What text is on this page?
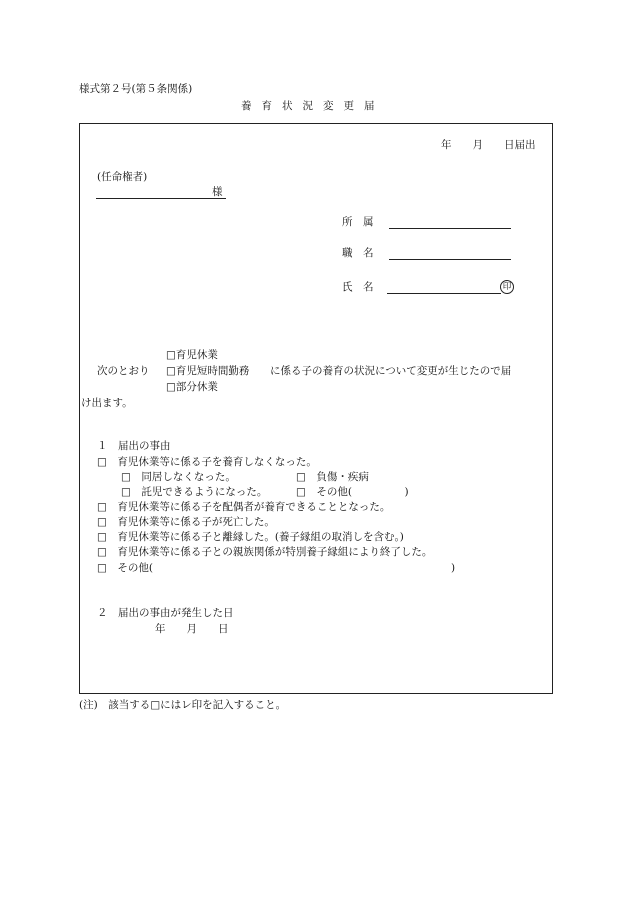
様式第２号(第５条関係)
養育状況変更届
年　　月　　日届出
(任命権者)
様
所　属
職　名
氏　名	印
□育児休業
次のとおり □育児短時間勤務 に係る子の養育の状況について変更が生じたので届
□部分休業
け出ます。
１　届出の事由
□　育児休業等に係る子を養育しなくなった。
□　同居しなくなった。	□　負傷・疾病
□　託児できるようになった。	□　その他(　　　　　)
□　育児休業等に係る子を配偶者が養育できることとなった。
□　育児休業等に係る子が死亡した。
□　育児休業等に係る子と離縁した。(養子縁組の取消しを含む。)
□　育児休業等に係る子との親族関係が特別養子縁組により終了した。
□　その他(	)
２　届出の事由が発生した日
年　　月　　日
(注)　該当する□にはレ印を記入すること。
